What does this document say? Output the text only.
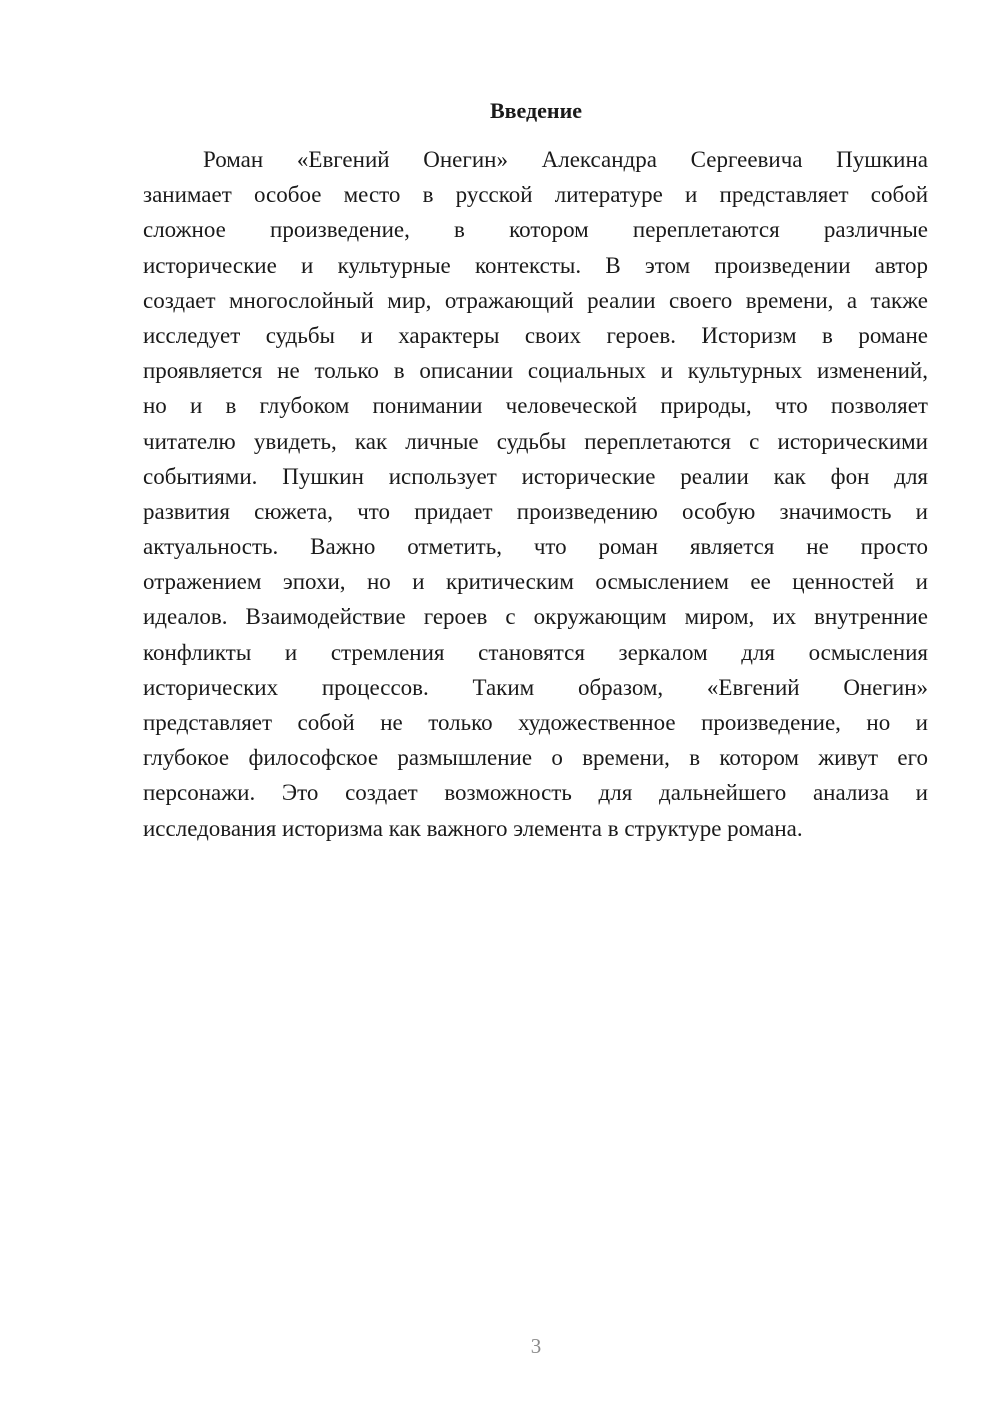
Введение
Роман «Евгений Онегин» Александра Сергеевича Пушкина
занимает особое место в русской литературе и представляет собой
сложное произведение, в котором переплетаются различные
исторические и культурные контексты. В этом произведении автор
создает многослойный мир, отражающий реалии своего времени, а также
исследует судьбы и характеры своих героев. Историзм в романе
проявляется не только в описании социальных и культурных изменений,
но и в глубоком понимании человеческой природы, что позволяет
читателю увидеть, как личные судьбы переплетаются с историческими
событиями. Пушкин использует исторические реалии как фон для
развития сюжета, что придает произведению особую значимость и
актуальность. Важно отметить, что роман является не просто
отражением эпохи, но и критическим осмыслением ее ценностей и
идеалов. Взаимодействие героев с окружающим миром, их внутренние
конфликты и стремления становятся зеркалом для осмысления
исторических процессов. Таким образом, «Евгений Онегин»
представляет собой не только художественное произведение, но и
глубокое философское размышление о времени, в котором живут его
персонажи. Это создает возможность для дальнейшего анализа и
исследования историзма как важного элемента в структуре романа.
3
